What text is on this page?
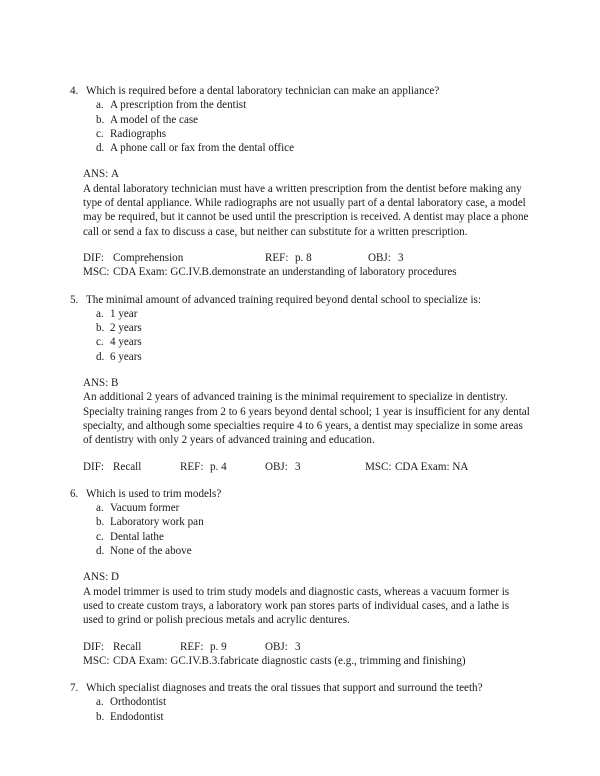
4. Which is required before a dental laboratory technician can make an appliance?
a. A prescription from the dentist
b. A model of the case
c. Radiographs
d. A phone call or fax from the dental office
ANS: A
A dental laboratory technician must have a written prescription from the dentist before making any type of dental appliance. While radiographs are not usually part of a dental laboratory case, a model may be required, but it cannot be used until the prescription is received. A dentist may place a phone call or send a fax to discuss a case, but neither can substitute for a written prescription.
DIF: Comprehension	REF: p. 8	OBJ: 3
MSC: CDA Exam: GC.IV.B.demonstrate an understanding of laboratory procedures
5. The minimal amount of advanced training required beyond dental school to specialize is:
a. 1 year
b. 2 years
c. 4 years
d. 6 years
ANS: B
An additional 2 years of advanced training is the minimal requirement to specialize in dentistry. Specialty training ranges from 2 to 6 years beyond dental school; 1 year is insufficient for any dental specialty, and although some specialties require 4 to 6 years, a dentist may specialize in some areas of dentistry with only 2 years of advanced training and education.
DIF: Recall	REF: p. 4	OBJ: 3	MSC: CDA Exam: NA
6. Which is used to trim models?
a. Vacuum former
b. Laboratory work pan
c. Dental lathe
d. None of the above
ANS: D
A model trimmer is used to trim study models and diagnostic casts, whereas a vacuum former is used to create custom trays, a laboratory work pan stores parts of individual cases, and a lathe is used to grind or polish precious metals and acrylic dentures.
DIF: Recall	REF: p. 9	OBJ: 3
MSC: CDA Exam: GC.IV.B.3.fabricate diagnostic casts (e.g., trimming and finishing)
7. Which specialist diagnoses and treats the oral tissues that support and surround the teeth?
a. Orthodontist
b. Endodontist
